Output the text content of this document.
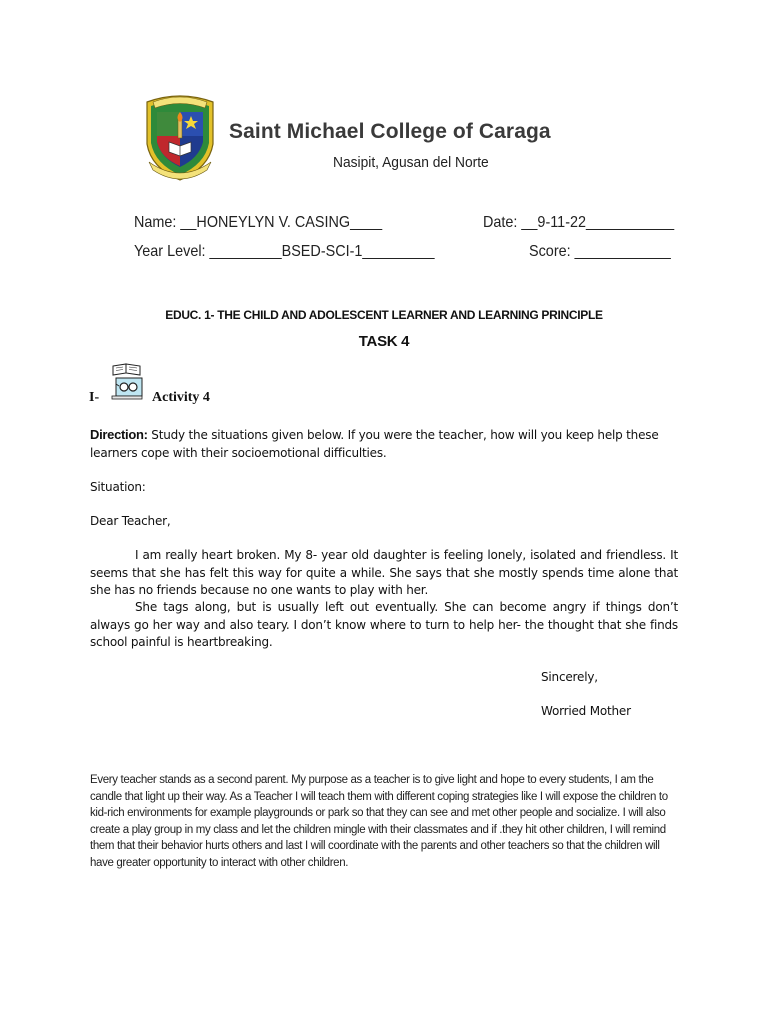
Saint Michael College of Caraga
Nasipit, Agusan del Norte
Name: __HONEYLYN V. CASING____	Date: __9-11-22___________
Year Level: _________BSED-SCI-1_________	Score: ____________
EDUC. 1- THE CHILD AND ADOLESCENT LEARNER AND LEARNING PRINCIPLE
TASK 4
I-	Activity 4
Direction: Study the situations given below. If you were the teacher, how will you keep help these learners cope with their socioemotional difficulties.
Situation:
Dear Teacher,
I am really heart broken. My 8- year old daughter is feeling lonely, isolated and friendless. It seems that she has felt this way for quite a while. She says that she mostly spends time alone that she has no friends because no one wants to play with her.
She tags along, but is usually left out eventually. She can become angry if things don’t always go her way and also teary. I don’t know where to turn to help her- the thought that she finds school painful is heartbreaking.
Sincerely,
Worried Mother
Every teacher stands as a second parent. My purpose as a teacher is to give light and hope to every students, I am the candle that light up their way. As a Teacher I will teach them with different coping strategies like I will expose the children to kid-rich environments for example playgrounds or park so that they can see and met other people and socialize. I will also create a play group in my class and let the children mingle with their classmates and if .they hit other children, I will remind them that their behavior hurts others and last I will coordinate with the parents and other teachers so that the children will have greater opportunity to interact with other children.
